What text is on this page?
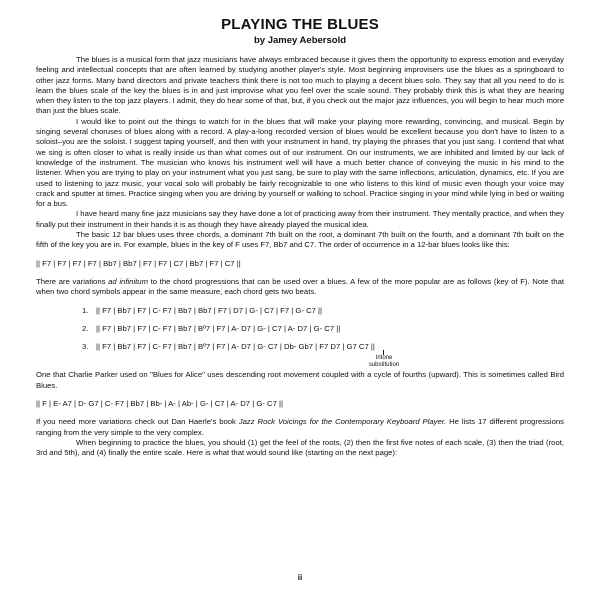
PLAYING THE BLUES
by Jamey Aebersold

The blues is a musical form that jazz musicians have always embraced because it gives them the opportunity to express emotion and everyday feeling and intellectual concepts that are often learned by studying another player's style. Most beginning improvisers use the blues as a springboard to other jazz forms. Many band directors and private teachers think there is not too much to playing a decent blues solo. They say that all you need to do is learn the blues scale of the key the blues is in and just improvise what you feel over the scale sound. They probably think this is what they are hearing when they listen to the top jazz players. I admit, they do hear some of that, but, if you check out the major jazz influences, you will begin to hear much more than just the blues scale.

I would like to point out the things to watch for in the blues that will make your playing more rewarding, convincing, and musical. Begin by singing several choruses of blues along with a record. A play-a-long recorded version of blues would be excellent because you don't have to listen to a soloist–you are the soloist. I suggest taping yourself, and then with your instrument in hand, try playing the phrases that you just sang. I contend that what we sing is often closer to what is really inside us than what comes out of our instrument. On our instruments, we are inhibited and limited by our lack of knowledge of the instrument. The musician who knows his instrument well will have a much better chance of conveying the music in his mind to the listener. When you are trying to play on your instrument what you just sang, be sure to play with the same inflections, articulation, dynamics, etc. If you are used to listening to jazz music, your vocal solo will probably be fairly recognizable to one who listens to this kind of music even though your voice may crack and sputter at times. Practice singing when you are driving by yourself or walking to school. Practice singing in your mind while lying in bed or waiting for a bus.

I have heard many fine jazz musicians say they have done a lot of practicing away from their instrument. They mentally practice, and when they finally put their instrument in their hands it is as though they have already played the musical idea.

The basic 12 bar blues uses three chords, a dominant 7th built on the root, a dominant 7th built on the fourth, and a dominant 7th built on the fifth of the key you are in. For example, blues in the key of F uses F7, Bb7 and C7. The order of occurrence in a 12-bar blues looks like this:

|| F7 | F7 | F7 | F7 | Bb7 | Bb7 | F7 | F7 | C7 | Bb7 | F7 | C7 ||

There are variations ad infinitum to the chord progressions that can be used over a blues. A few of the more popular are as follows (key of F). Note that when two chord symbols appear in the same measure, each chord gets two beats.

1. || F7 | Bb7 | F7 | C- F7 | Bb7 | Bb7 | F7 | D7 | G- | C7 | F7 | G- C7 ||
2. || F7 | Bb7 | F7 | C- F7 | Bb7 | Bº7 | F7 | A- D7 | G- | C7 | A- D7 | G- C7 ||
3. || F7 | Bb7 | F7 | C- F7 | Bb7 | Bº7 | F7 | A- D7 | G- C7 | Db- Gb7 | F7 D7 | G7 C7 ||
tritone
substitution

One that Charlie Parker used on "Blues for Alice" uses descending root movement coupled with a cycle of fourths (upward). This is sometimes called Bird Blues.

|| F | E- A7 | D- G7 | C- F7 | Bb7 | Bb- | A- | Ab- | G- | C7 | A- D7 | G- C7 ||

If you need more variations check out Dan Haerle's book Jazz Rock Voicings for the Contemporary Keyboard Player. He lists 17 different progressions ranging from the very simple to the very complex.

When beginning to practice the blues, you should (1) get the feel of the roots, (2) then the first five notes of each scale, (3) then the triad (root, 3rd and 5th), and (4) finally the entire scale. Here is what that would sound like (starting on the next page):

ii
